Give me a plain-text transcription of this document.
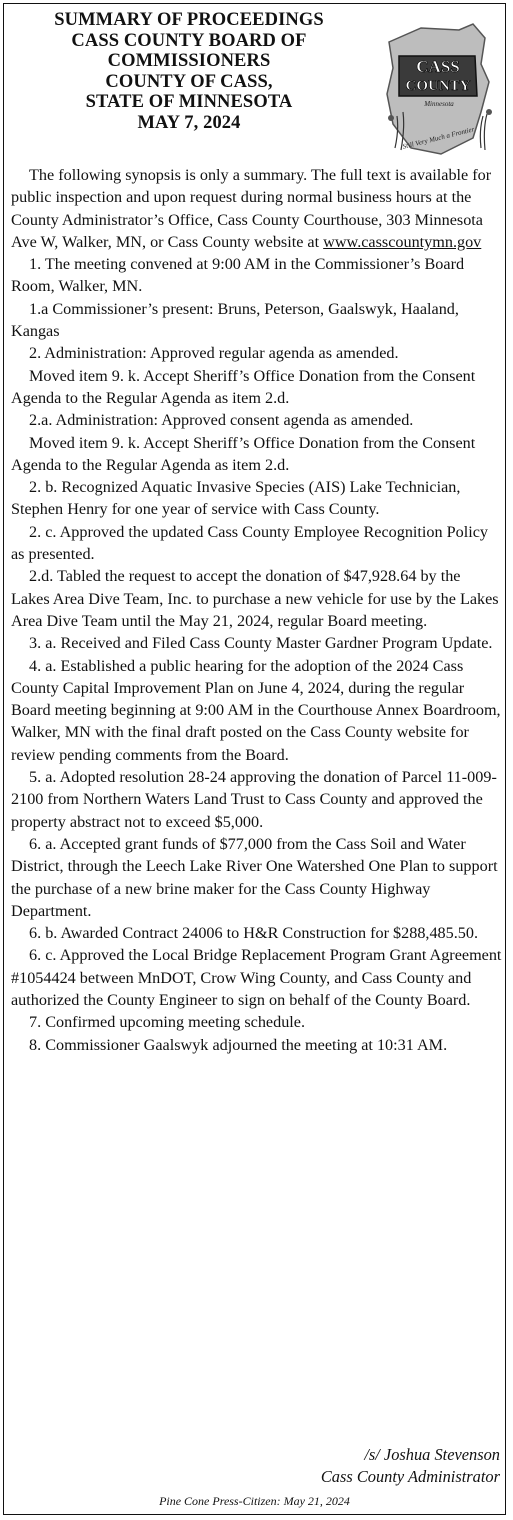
SUMMARY OF PROCEEDINGS
CASS COUNTY BOARD OF
COMMISSIONERS
COUNTY OF CASS,
STATE OF MINNESOTA
MAY 7, 2024
CASS
COUNTY
Minnesota
Still Very Much a Frontier

The following synopsis is only a summary. The full text is available for public inspection and upon request during normal business hours at the County Administrator’s Office, Cass County Courthouse, 303 Minnesota Ave W, Walker, MN, or Cass County website at www.casscountymn.gov

1. The meeting convened at 9:00 AM in the Commissioner’s Board Room, Walker, MN.

1.a Commissioner’s present: Bruns, Peterson, Gaalswyk, Haaland, Kangas

2. Administration: Approved regular agenda as amended.

Moved item 9. k. Accept Sheriff’s Office Donation from the Consent Agenda to the Regular Agenda as item 2.d.

2.a. Administration: Approved consent agenda as amended.

Moved item 9. k. Accept Sheriff’s Office Donation from the Consent Agenda to the Regular Agenda as item 2.d.

2. b. Recognized Aquatic Invasive Species (AIS) Lake Technician, Stephen Henry for one year of service with Cass County.

2. c. Approved the updated Cass County Employee Recognition Policy as presented.

2.d. Tabled the request to accept the donation of $47,928.64 by the Lakes Area Dive Team, Inc. to purchase a new vehicle for use by the Lakes Area Dive Team until the May 21, 2024, regular Board meeting.

3. a. Received and Filed Cass County Master Gardner Program Update.

4. a. Established a public hearing for the adoption of the 2024 Cass County Capital Improvement Plan on June 4, 2024, during the regular Board meeting beginning at 9:00 AM in the Courthouse Annex Boardroom, Walker, MN with the final draft posted on the Cass County website for review pending comments from the Board.

5. a. Adopted resolution 28-24 approving the donation of Parcel 11-009-2100 from Northern Waters Land Trust to Cass County and approved the property abstract not to exceed $5,000.

6. a. Accepted grant funds of $77,000 from the Cass Soil and Water District, through the Leech Lake River One Watershed One Plan to support the purchase of a new brine maker for the Cass County Highway Department.

6. b. Awarded Contract 24006 to H&R Construction for $288,485.50.

6. c. Approved the Local Bridge Replacement Program Grant Agreement #1054424 between MnDOT, Crow Wing County, and Cass County and authorized the County Engineer to sign on behalf of the County Board.

7. Confirmed upcoming meeting schedule.

8. Commissioner Gaalswyk adjourned the meeting at 10:31 AM.

/s/ Joshua Stevenson
Cass County Administrator
Pine Cone Press-Citizen: May 21, 2024
